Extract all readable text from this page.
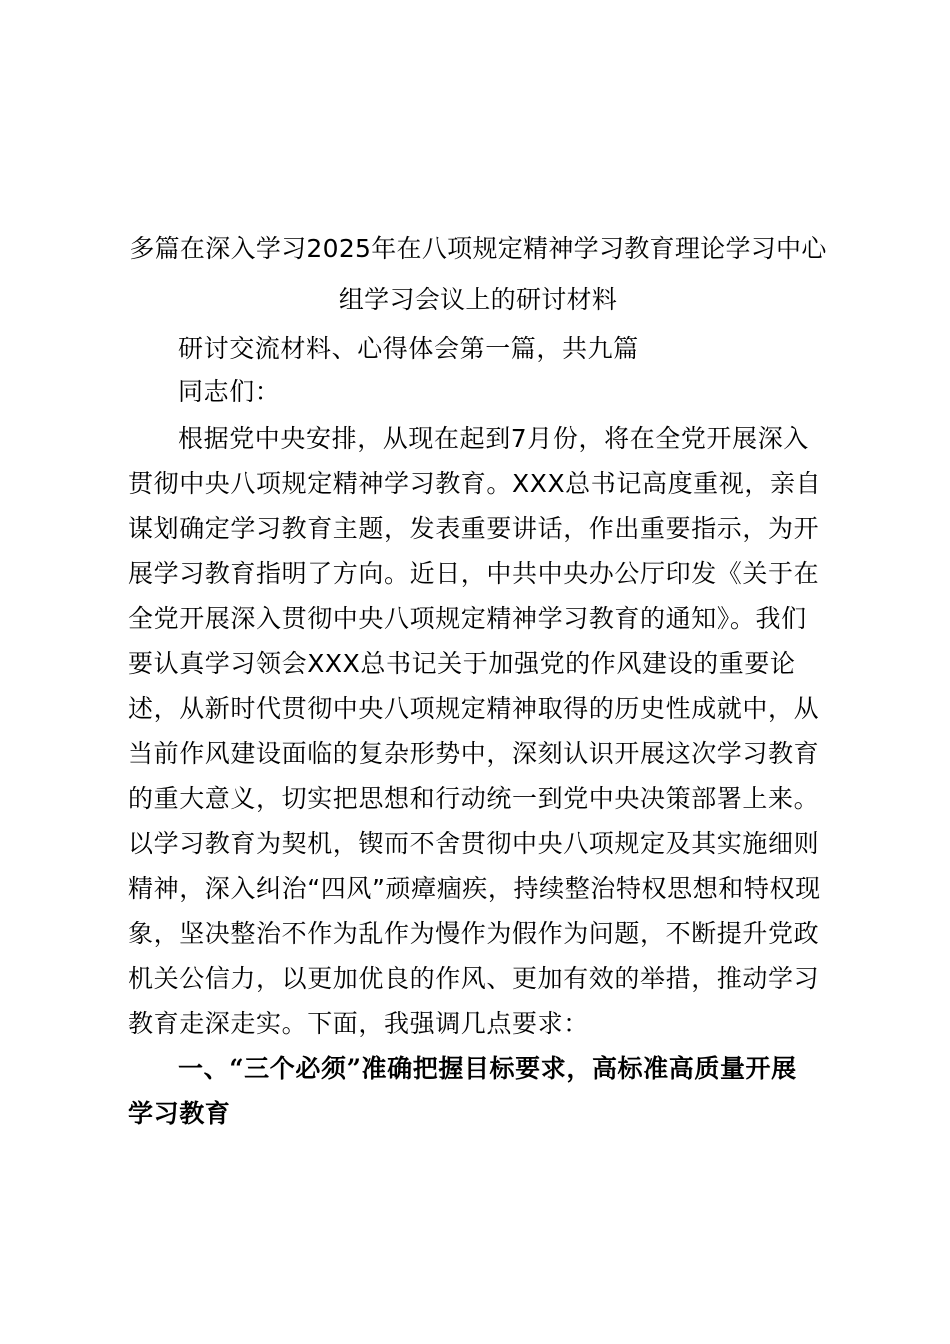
多篇在深入学习2025年在八项规定精神学习教育理论学习中心
组学习会议上的研讨材料
研讨交流材料、心得体会第一篇，共九篇
同志们：
根据党中央安排，从现在起到7月份，将在全党开展深入
贯彻中央八项规定精神学习教育。XXX总书记高度重视，亲自
谋划确定学习教育主题，发表重要讲话，作出重要指示，为开
展学习教育指明了方向。近日，中共中央办公厅印发《关于在
全党开展深入贯彻中央八项规定精神学习教育的通知》。我们
要认真学习领会XXX总书记关于加强党的作风建设的重要论
述，从新时代贯彻中央八项规定精神取得的历史性成就中，从
当前作风建设面临的复杂形势中，深刻认识开展这次学习教育
的重大意义，切实把思想和行动统一到党中央决策部署上来。
以学习教育为契机，锲而不舍贯彻中央八项规定及其实施细则
精神，深入纠治“四风”顽瘴痼疾，持续整治特权思想和特权现
象，坚决整治不作为乱作为慢作为假作为问题，不断提升党政
机关公信力，以更加优良的作风、更加有效的举措，推动学习
教育走深走实。下面，我强调几点要求：
一、“三个必须”准确把握目标要求，高标准高质量开展
学习教育
